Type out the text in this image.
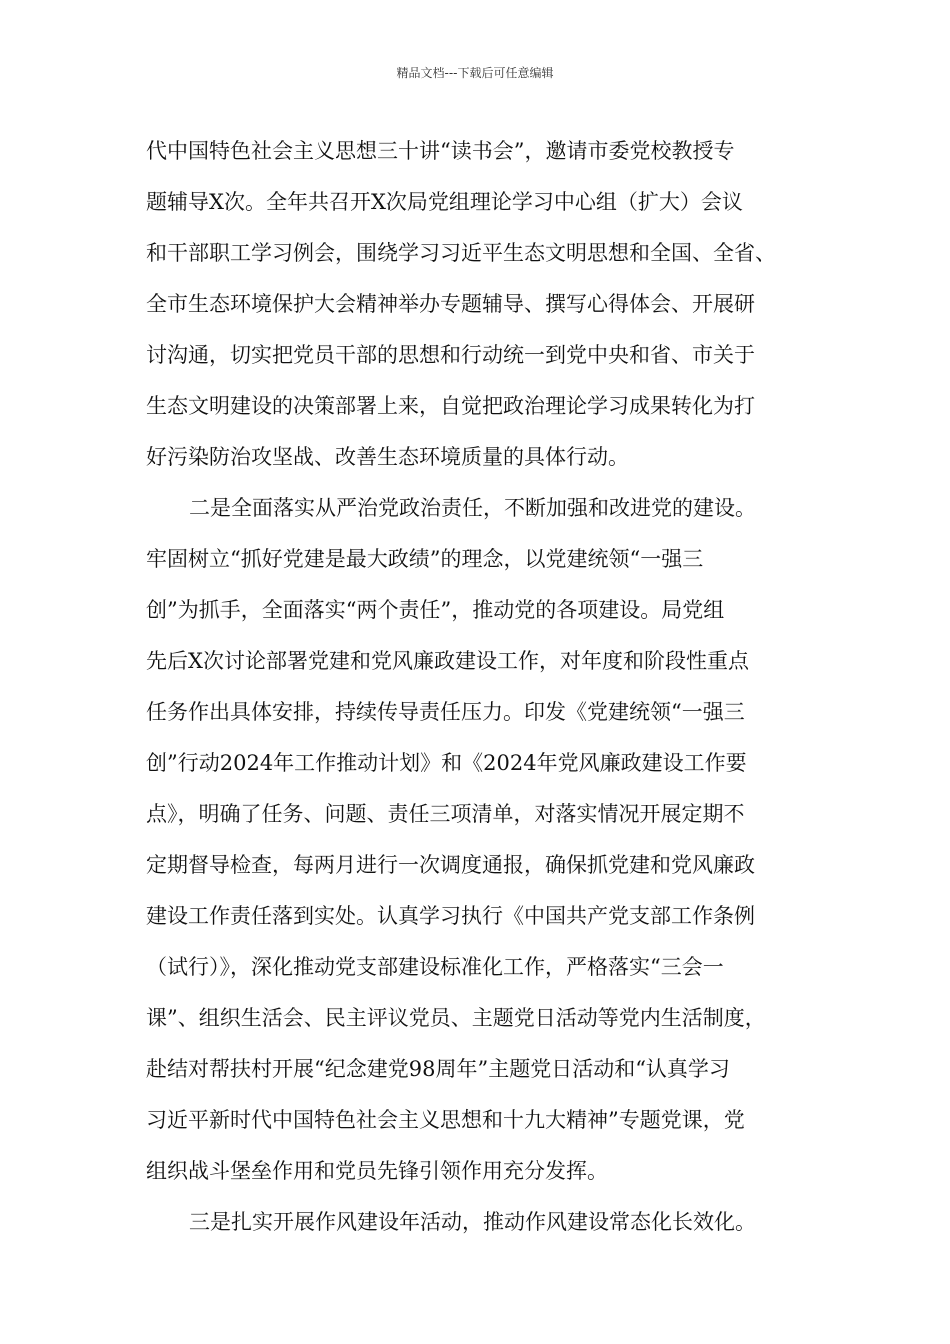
精品文档---下载后可任意编辑
代中国特色社会主义思想三十讲“读书会”，邀请市委党校教授专
题辅导X次。全年共召开X次局党组理论学习中心组（扩大）会议
和干部职工学习例会，围绕学习习近平生态文明思想和全国、全省、
全市生态环境保护大会精神举办专题辅导、撰写心得体会、开展研
讨沟通，切实把党员干部的思想和行动统一到党中央和省、市关于
生态文明建设的决策部署上来，自觉把政治理论学习成果转化为打
好污染防治攻坚战、改善生态环境质量的具体行动。
二是全面落实从严治党政治责任，不断加强和改进党的建设。
牢固树立“抓好党建是最大政绩”的理念，以党建统领“一强三
创”为抓手，全面落实“两个责任”，推动党的各项建设。局党组
先后X次讨论部署党建和党风廉政建设工作，对年度和阶段性重点
任务作出具体安排，持续传导责任压力。印发《党建统领“一强三
创”行动2024年工作推动计划》和《2024年党风廉政建设工作要
点》，明确了任务、问题、责任三项清单，对落实情况开展定期不
定期督导检查，每两月进行一次调度通报，确保抓党建和党风廉政
建设工作责任落到实处。认真学习执行《中国共产党支部工作条例
（试行）》，深化推动党支部建设标准化工作，严格落实“三会一
课”、组织生活会、民主评议党员、主题党日活动等党内生活制度，
赴结对帮扶村开展“纪念建党98周年”主题党日活动和“认真学习
习近平新时代中国特色社会主义思想和十九大精神”专题党课，党
组织战斗堡垒作用和党员先锋引领作用充分发挥。
三是扎实开展作风建设年活动，推动作风建设常态化长效化。
